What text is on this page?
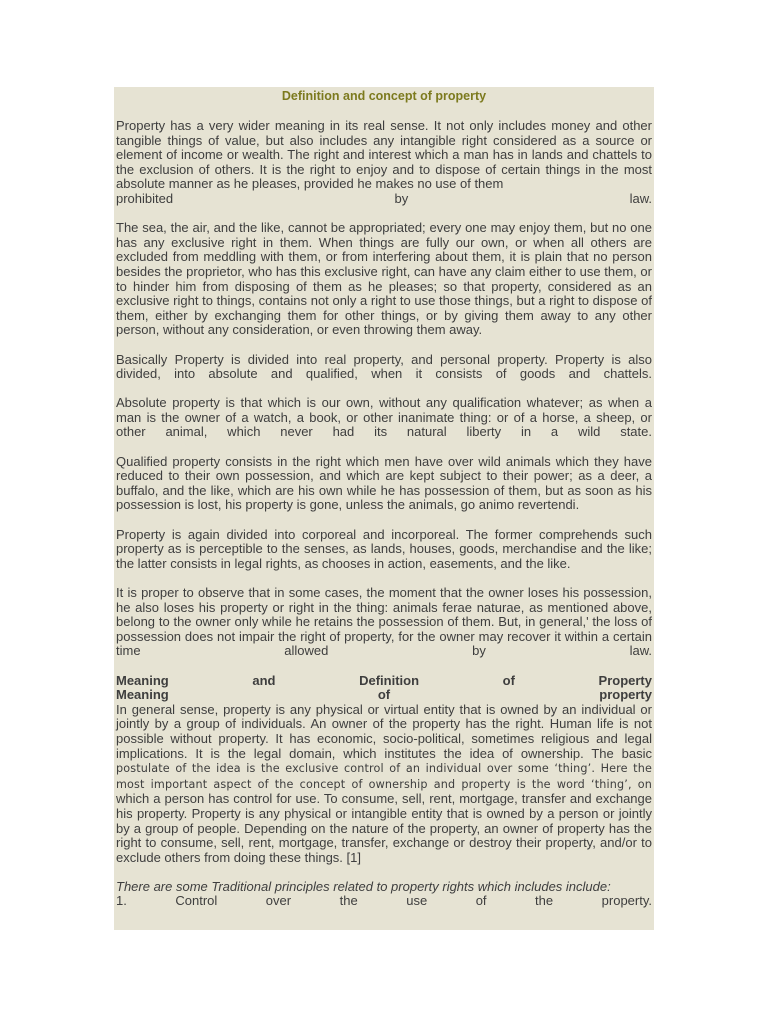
Definition and concept of property

Property has a very wider meaning in its real sense. It not only includes money and other tangible things of value, but also includes any intangible right considered as a source or element of income or wealth. The right and interest which a man has in lands and chattels to the exclusion of others. It is the right to enjoy and to dispose of certain things in the most absolute manner as he pleases, provided he makes no use of them

prohibited by law.

The sea, the air, and the like, cannot be appropriated; every one may enjoy them, but no one has any exclusive right in them. When things are fully our own, or when all others are excluded from meddling with them, or from interfering about them, it is plain that no person besides the proprietor, who has this exclusive right, can have any claim either to use them, or to hinder him from disposing of them as he pleases; so that property, considered as an exclusive right to things, contains not only a right to use those things, but a right to dispose of them, either by exchanging them for other things, or by giving them away to any other person, without any consideration, or even throwing them away.

Basically Property is divided into real property, and personal property. Property is also divided, into absolute and qualified, when it consists of goods and chattels.

Absolute property is that which is our own, without any qualification whatever; as when a man is the owner of a watch, a book, or other inanimate thing: or of a horse, a sheep, or other animal, which never had its natural liberty in a wild state.

Qualified property consists in the right which men have over wild animals which they have reduced to their own possession, and which are kept subject to their power; as a deer, a buffalo, and the like, which are his own while he has possession of them, but as soon as his possession is lost, his property is gone, unless the animals, go animo revertendi.

Property is again divided into corporeal and incorporeal. The former comprehends such property as is perceptible to the senses, as lands, houses, goods, merchandise and the like; the latter consists in legal rights, as chooses in action, easements, and the like.

It is proper to observe that in some cases, the moment that the owner loses his possession, he also loses his property or right in the thing: animals ferae naturae, as mentioned above, belong to the owner only while he retains the possession of them. But, in general,' the loss of possession does not impair the right of property, for the owner may recover it within a certain time allowed by law.

Meaning and Definition of Property

Meaning of property

In general sense, property is any physical or virtual entity that is owned by an individual or jointly by a group of individuals. An owner of the property has the right. Human life is not possible without property. It has economic, socio-political, sometimes religious and legal implications. It is the legal domain, which institutes the idea of ownership. The basic postulate of the idea is the exclusive control of an individual over some ‘thing’. Here the most important aspect of the concept of ownership and property is the word ‘thing’, on which a person has control for use. To consume, sell, rent, mortgage, transfer and exchange his property. Property is any physical or intangible entity that is owned by a person or jointly by a group of people. Depending on the nature of the property, an owner of property has the right to consume, sell, rent, mortgage, transfer, exchange or destroy their property, and/or to exclude others from doing these things. [1]

There are some Traditional principles related to property rights which includes include:

1. Control over the use of the property.
